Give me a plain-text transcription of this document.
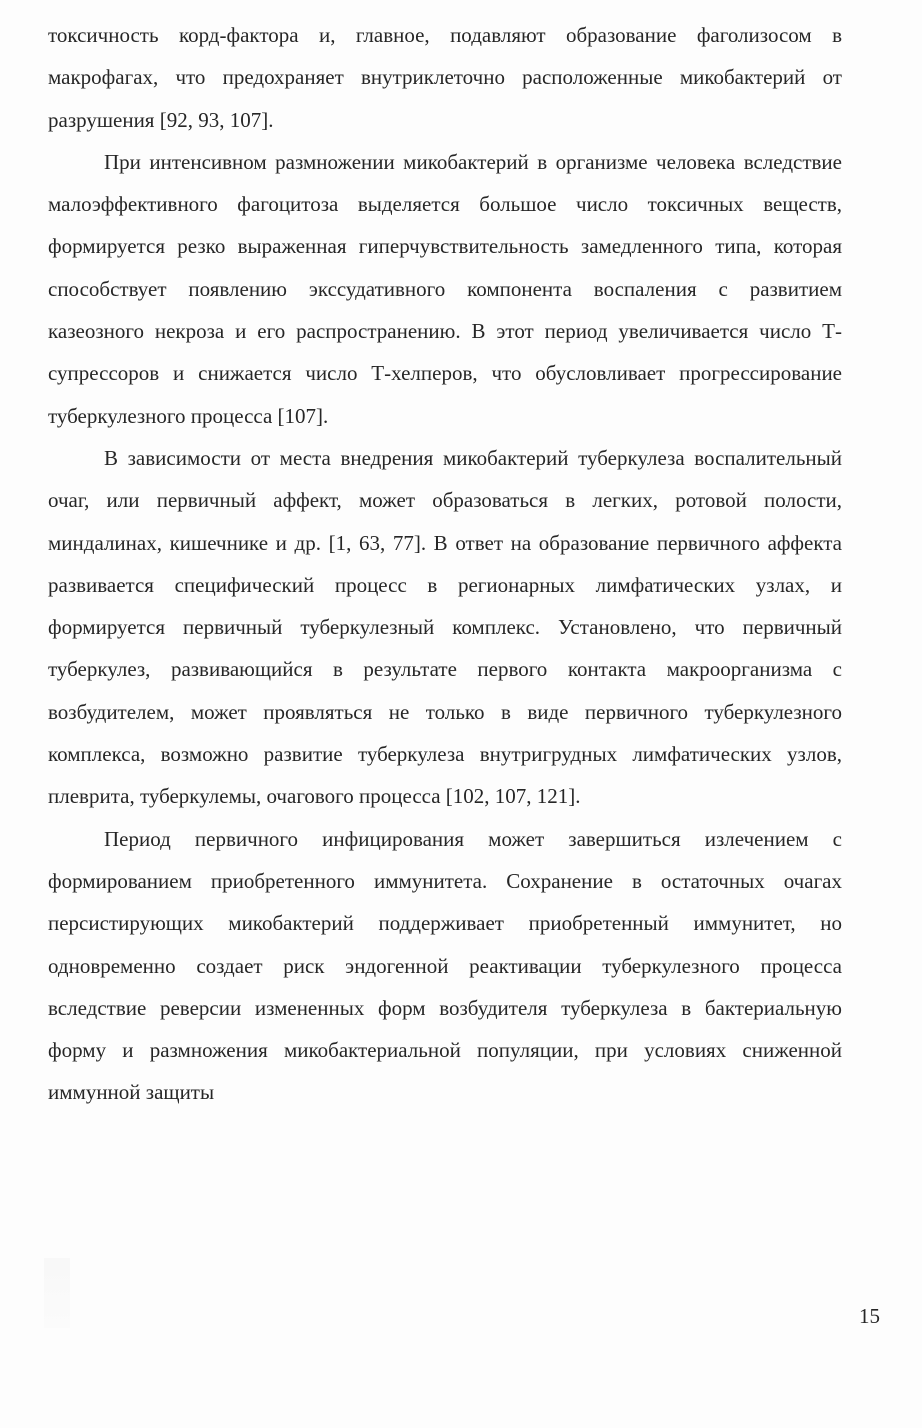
токсичность корд-фактора и, главное, подавляют образование фаголизосом в макрофагах, что предохраняет внутриклеточно расположенные микобактерий от разрушения [92, 93, 107].

При интенсивном размножении микобактерий в организме человека вследствие малоэффективного фагоцитоза выделяется большое число токсичных веществ, формируется резко выраженная гиперчувствительность замедленного типа, которая способствует появлению экссудативного компонента воспаления с развитием казеозного некроза и его распространению. В этот период увеличивается число Т-супрессоров и снижается число Т-хелперов, что обусловливает прогрессирование туберкулезного процесса [107].

В зависимости от места внедрения микобактерий туберкулеза воспалительный очаг, или первичный аффект, может образоваться в легких, ротовой полости, миндалинах, кишечнике и др. [1, 63, 77]. В ответ на образование первичного аффекта развивается специфический процесс в регионарных лимфатических узлах, и формируется первичный туберкулезный комплекс. Установлено, что первичный туберкулез, развивающийся в результате первого контакта макроорганизма с возбудителем, может проявляться не только в виде первичного туберкулезного комплекса, возможно развитие туберкулеза внутригрудных лимфатических узлов, плеврита, туберкулемы, очагового процесса [102, 107, 121].

Период первичного инфицирования может завершиться излечением с формированием приобретенного иммунитета. Сохранение в остаточных очагах персистирующих микобактерий поддерживает приобретенный иммунитет, но одновременно создает риск эндогенной реактивации туберкулезного процесса вследствие реверсии измененных форм возбудителя туберкулеза в бактериальную форму и размножения микобактериальной популяции, при условиях сниженной иммунной защиты

15
